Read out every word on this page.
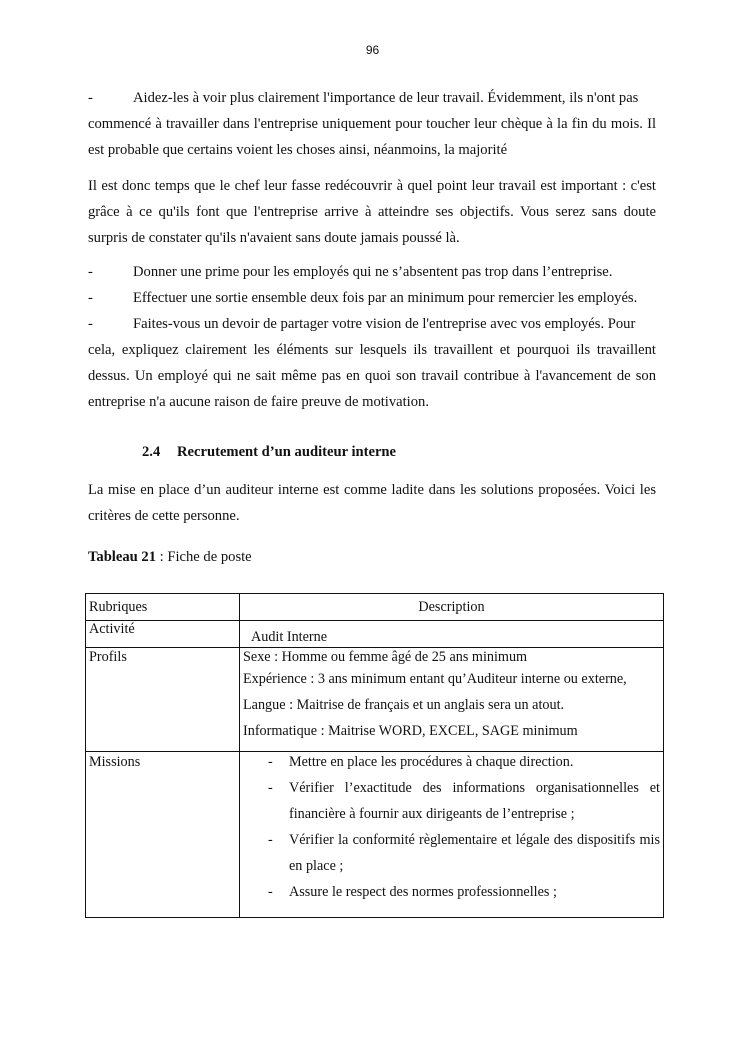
96
-	Aidez-les à voir plus clairement l'importance de leur travail. Évidemment, ils n'ont pas

commencé à travailler dans l'entreprise uniquement pour toucher leur chèque à la fin du mois. Il est probable que certains voient les choses ainsi, néanmoins, la majorité

Il est donc temps que le chef leur fasse redécouvrir à quel point leur travail est important : c'est grâce à ce qu'ils font que l'entreprise arrive à atteindre ses objectifs. Vous serez sans doute surpris de constater qu'ils n'avaient sans doute jamais poussé là.

-	Donner une prime pour les employés qui ne s’absentent pas trop dans l’entreprise.
-	Effectuer une sortie ensemble deux fois par an minimum pour remercier les employés.
-	Faites-vous un devoir de partager votre vision de l'entreprise avec vos employés. Pour

cela, expliquez clairement les éléments sur lesquels ils travaillent et pourquoi ils travaillent dessus. Un employé qui ne sait même pas en quoi son travail contribue à l'avancement de son entreprise n'a aucune raison de faire preuve de motivation.

2.4 Recrutement d’un auditeur interne

La mise en place d’un auditeur interne est comme ladite dans les solutions proposées. Voici les critères de cette personne.

Tableau 21 : Fiche de poste
Rubriques	Description
Activité	Audit Interne
Profils	Sexe : Homme ou femme âgé de 25 ans minimum
Expérience : 3 ans minimum entant qu’Auditeur interne ou externe,
Langue : Maitrise de français et un anglais sera un atout.
Informatique : Maitrise WORD, EXCEL, SAGE minimum

Missions	- Mettre en place les procédures à chaque direction.
- Vérifier l’exactitude des informations organisationnelles et financière à fournir aux dirigeants de l’entreprise ;
- Vérifier la conformité règlementaire et légale des dispositifs mis en place ;
- Assure le respect des normes professionnelles ;
